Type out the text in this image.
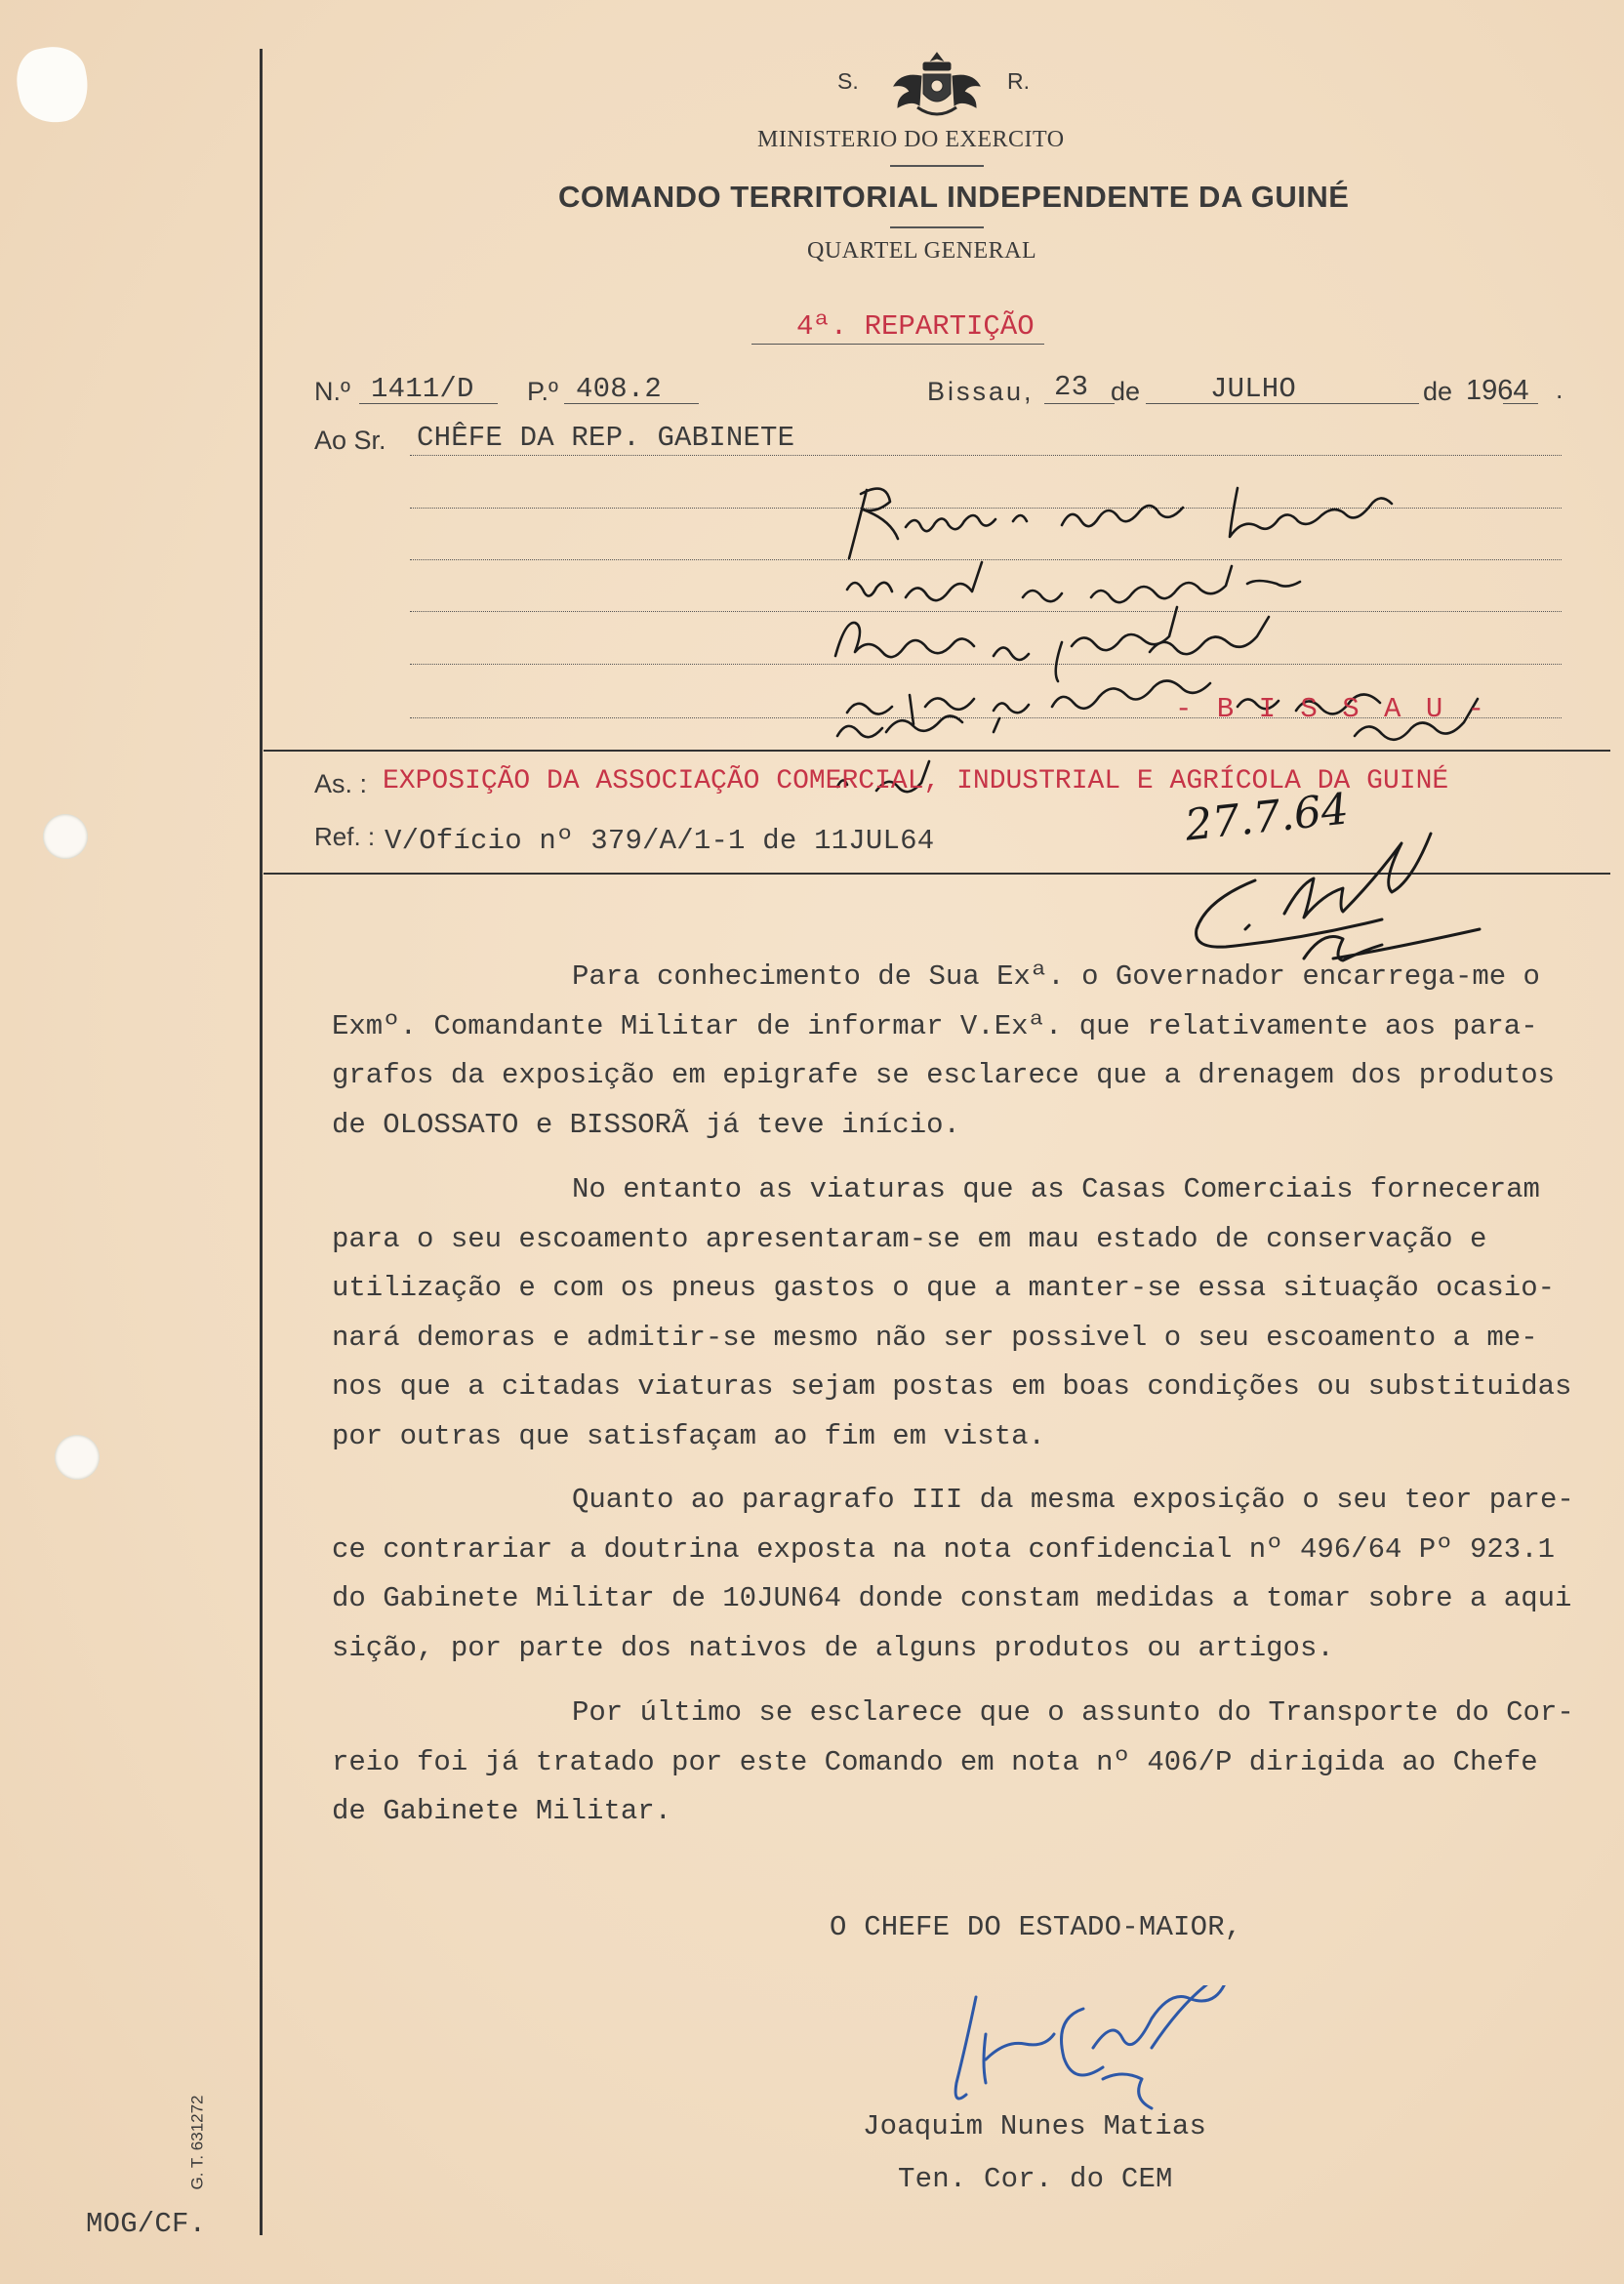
S.	R.
MINISTERIO DO EXERCITO
COMANDO TERRITORIAL INDEPENDENTE DA GUINÉ
QUARTEL GENERAL
4ª. REPARTIÇÃO
N.º 1411/D P.º 408.2	Bissau, 23 de JULHO	de 1964 .
Ao Sr. CHÊFE DA REP. GABINETE
- B I S S A U -
As. : EXPOSIÇÃO DA ASSOCIAÇÃO COMERCIAL, INDUSTRIAL E AGRÍCOLA DA GUINÉ
Ref. : V/Ofício nº 379/A/1-1 de 11JUL64	27.7.64
Para conhecimento de Sua Exª. o Governador encarrega-me o
Exmº. Comandante Militar de informar V.Exª. que relativamente aos para-
grafos da exposição em epigrafe se esclarece que a drenagem dos produtos
de OLOSSATO e BISSORÃ já teve início.
No entanto as viaturas que as Casas Comerciais forneceram
para o seu escoamento apresentaram-se em mau estado de conservação e
utilização e com os pneus gastos o que a manter-se essa situação ocasio-
nará demoras e admitir-se mesmo não ser possivel o seu escoamento a me-
nos que a citadas viaturas sejam postas em boas condições ou substituidas
por outras que satisfaçam ao fim em vista.
Quanto ao paragrafo III da mesma exposição o seu teor pare-
ce contrariar a doutrina exposta na nota confidencial nº 496/64 Pº 923.1
do Gabinete Militar de 10JUN64 donde constam medidas a tomar sobre a aqui
sição, por parte dos nativos de alguns produtos ou artigos.
Por último se esclarece que o assunto do Transporte do Cor-
reio foi já tratado por este Comando em nota nº 406/P dirigida ao Chefe
de Gabinete Militar.
O CHEFE DO ESTADO-MAIOR,
Joaquim Nunes Matias
Ten. Cor. do CEM
MOG/CF.
G. T. 631272
